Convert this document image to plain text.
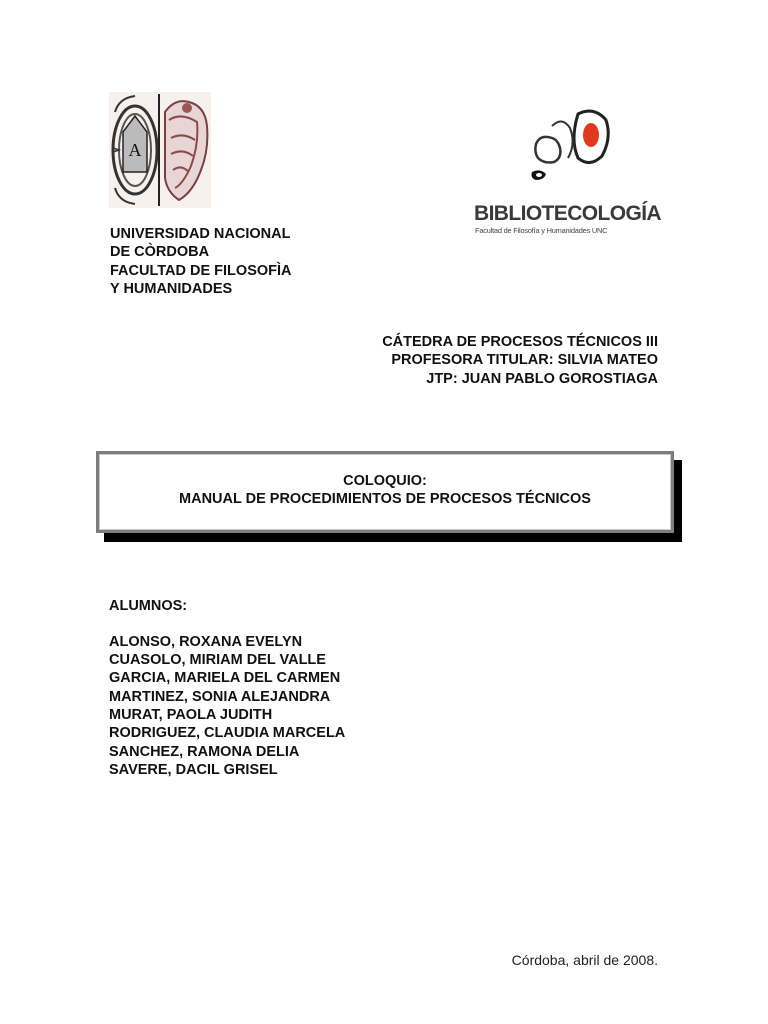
A
BIBLIOTECOLOGÍA
Facultad de Filosofía y Humanidades UNC
UNIVERSIDAD NACIONAL
DE CÒRDOBA
FACULTAD DE FILOSOFÌA
Y HUMANIDADES
CÁTEDRA DE PROCESOS TÉCNICOS III
PROFESORA TITULAR: SILVIA MATEO
JTP: JUAN PABLO GOROSTIAGA
COLOQUIO:
MANUAL DE PROCEDIMIENTOS DE PROCESOS TÉCNICOS
ALUMNOS:
ALONSO, ROXANA EVELYN
CUASOLO, MIRIAM DEL VALLE
GARCIA, MARIELA DEL CARMEN
MARTINEZ, SONIA ALEJANDRA
MURAT, PAOLA JUDITH
RODRIGUEZ, CLAUDIA MARCELA
SANCHEZ, RAMONA DELIA
SAVERE, DACIL GRISEL
Córdoba, abril de 2008.
